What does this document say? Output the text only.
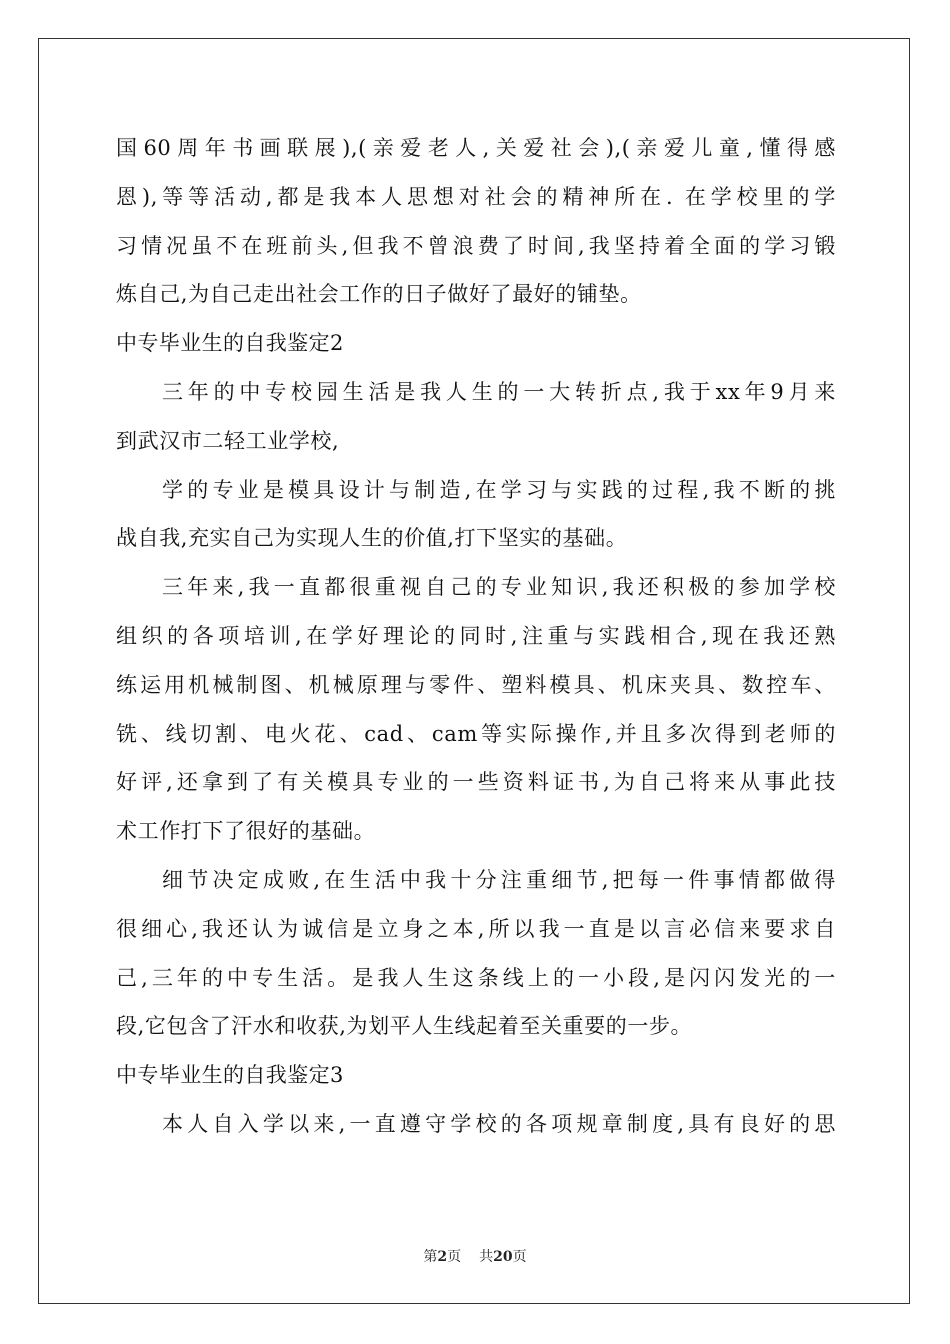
国60周年书画联展),(亲爱老人,关爱社会),(亲爱儿童,懂得感
恩),等等活动,都是我本人思想对社会的精神所在. 在学校里的学
习情况虽不在班前头,但我不曾浪费了时间,我坚持着全面的学习锻
炼自己,为自己走出社会工作的日子做好了最好的铺垫。
中专毕业生的自我鉴定2
三年的中专校园生活是我人生的一大转折点,我于xx年9月来
到武汉市二轻工业学校,
学的专业是模具设计与制造,在学习与实践的过程,我不断的挑
战自我,充实自己为实现人生的价值,打下坚实的基础。
三年来,我一直都很重视自己的专业知识,我还积极的参加学校
组织的各项培训,在学好理论的同时,注重与实践相合,现在我还熟
练运用机械制图、机械原理与零件、塑料模具、机床夹具、数控车、
铣、线切割、电火花、cad、cam等实际操作,并且多次得到老师的
好评,还拿到了有关模具专业的一些资料证书,为自己将来从事此技
术工作打下了很好的基础。
细节决定成败,在生活中我十分注重细节,把每一件事情都做得
很细心,我还认为诚信是立身之本,所以我一直是以言必信来要求自
己,三年的中专生活。是我人生这条线上的一小段,是闪闪发光的一
段,它包含了汗水和收获,为划平人生线起着至关重要的一步。
中专毕业生的自我鉴定3
本人自入学以来,一直遵守学校的各项规章制度,具有良好的思
第2页 共20页
